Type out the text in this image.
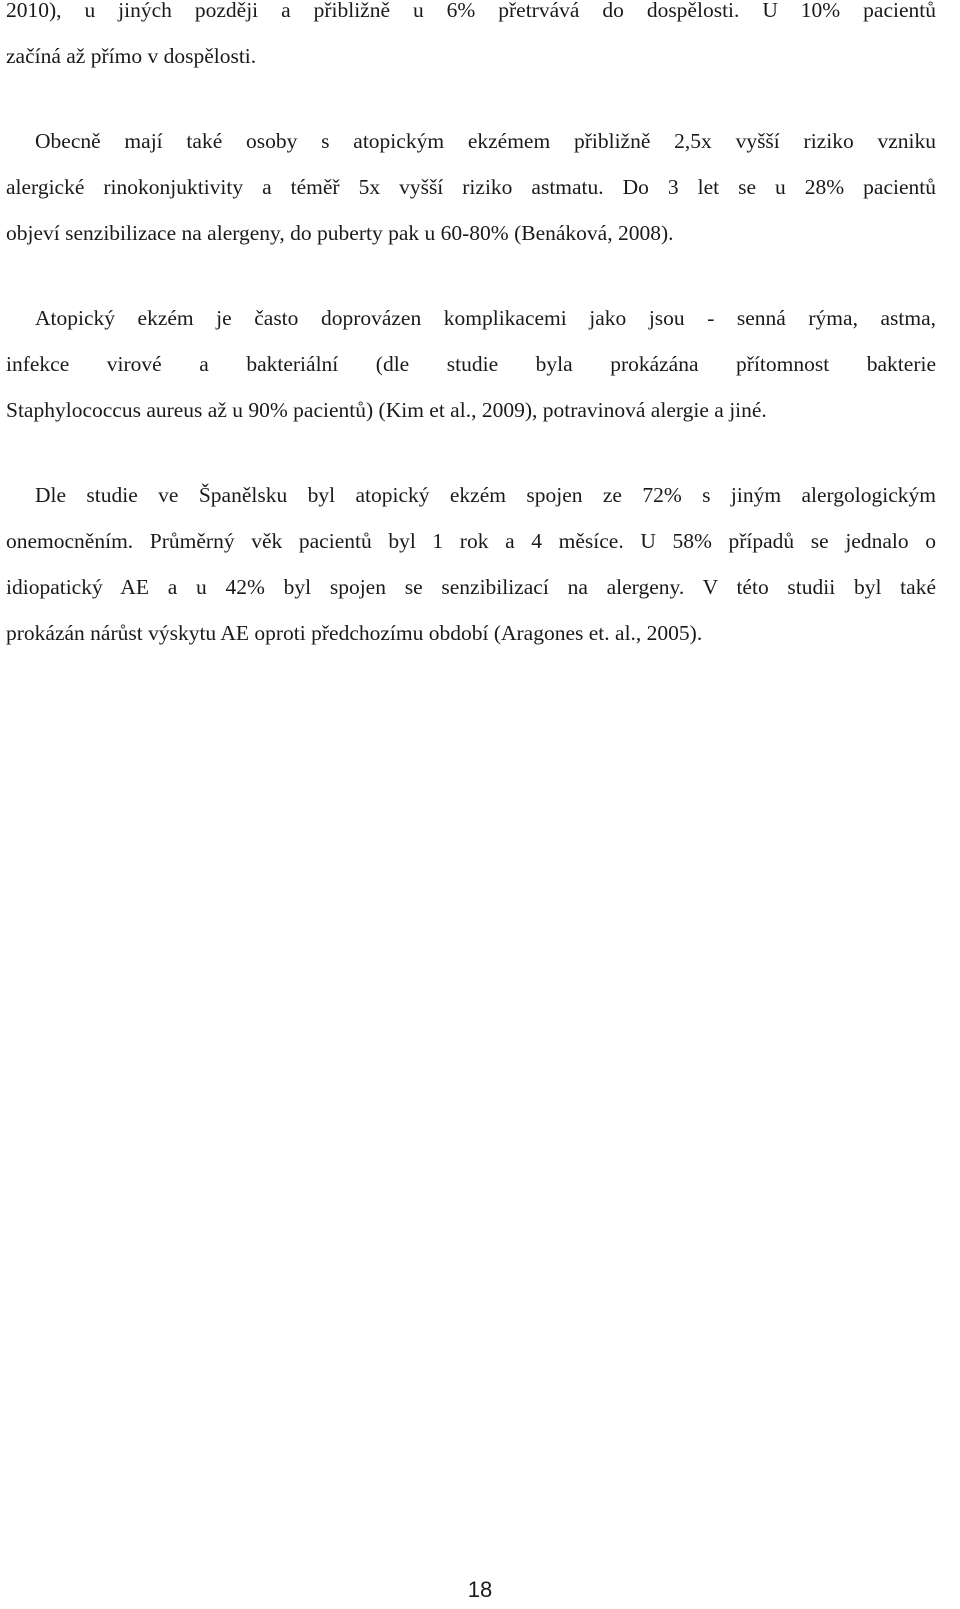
2010), u jiných později a přibližně u 6% přetrvává do dospělosti. U 10% pacientů
začíná až přímo v dospělosti.
Obecně mají také osoby s atopickým ekzémem přibližně 2,5x vyšší riziko vzniku
alergické rinokonjuktivity a téměř 5x vyšší riziko astmatu. Do 3 let se u 28% pacientů
objeví senzibilizace na alergeny, do puberty pak u 60-80% (Benáková, 2008).
Atopický ekzém je často doprovázen komplikacemi jako jsou - senná rýma, astma,
infekce virové a bakteriální (dle studie byla prokázána přítomnost bakterie
Staphylococcus aureus až u 90% pacientů) (Kim et al., 2009), potravinová alergie a jiné.
Dle studie ve Španělsku byl atopický ekzém spojen ze 72% s jiným alergologickým
onemocněním. Průměrný věk pacientů byl 1 rok a 4 měsíce. U 58% případů se jednalo o
idiopatický AE a u 42% byl spojen se senzibilizací na alergeny. V této studii byl také
prokázán nárůst výskytu AE oproti předchozímu období (Aragones et. al., 2005).
18
